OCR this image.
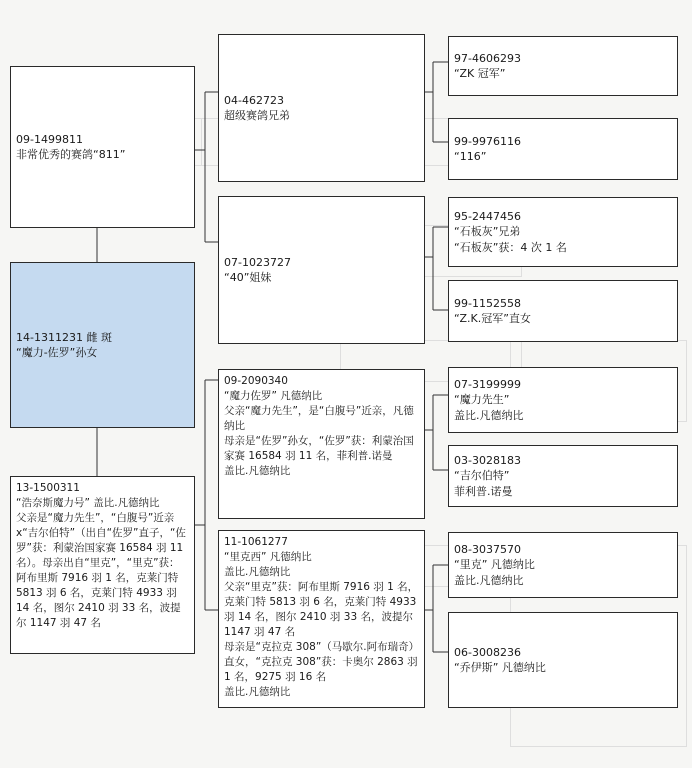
09-1499811
非常优秀的赛鸽“811”
14-1311231 雌 斑
“魔力-佐罗”孙女
13-1500311
“浩奈斯魔力号” 盖比.凡德纳比
父亲是“魔力先生”，“白腹号”近亲 x“吉尔伯特”（出自“佐罗”直子，“佐罗”获：利蒙治国家赛 16584 羽 11 名）。母亲出自“里克”，“里克”获：阿布里斯 7916 羽 1 名，克莱门特 5813 羽 6 名，克莱门特 4933 羽 14 名，图尔 2410 羽 33 名，波提尔 1147 羽 47 名
04-462723
超级赛鸽兄弟
07-1023727
“40”姐妹
09-2090340
“魔力佐罗” 凡德纳比
父亲“魔力先生”，是“白腹号”近亲，凡德纳比
母亲是“佐罗”孙女，“佐罗”获：利蒙治国家赛 16584 羽 11 名，菲利普.诺曼
盖比.凡德纳比
11-1061277
“里克西” 凡德纳比
盖比.凡德纳比
父亲“里克”获：阿布里斯 7916 羽 1 名，克莱门特 5813 羽 6 名，克莱门特 4933 羽 14 名，图尔 2410 羽 33 名，波提尔 1147 羽 47 名
母亲是“克拉克 308”（马歇尔.阿布瑞奇）直女，“克拉克 308”获：卡奥尔 2863 羽 1 名，9275 羽 16 名
盖比.凡德纳比
97-4606293
“ZK 冠军”
99-9976116
“116”
95-2447456
“石板灰”兄弟
“石板灰”获：4 次 1 名
99-1152558
“Z.K.冠军”直女
07-3199999
“魔力先生”
盖比.凡德纳比
03-3028183
“吉尔伯特”
菲利普.诺曼
08-3037570
“里克” 凡德纳比
盖比.凡德纳比
06-3008236
“乔伊斯” 凡德纳比
